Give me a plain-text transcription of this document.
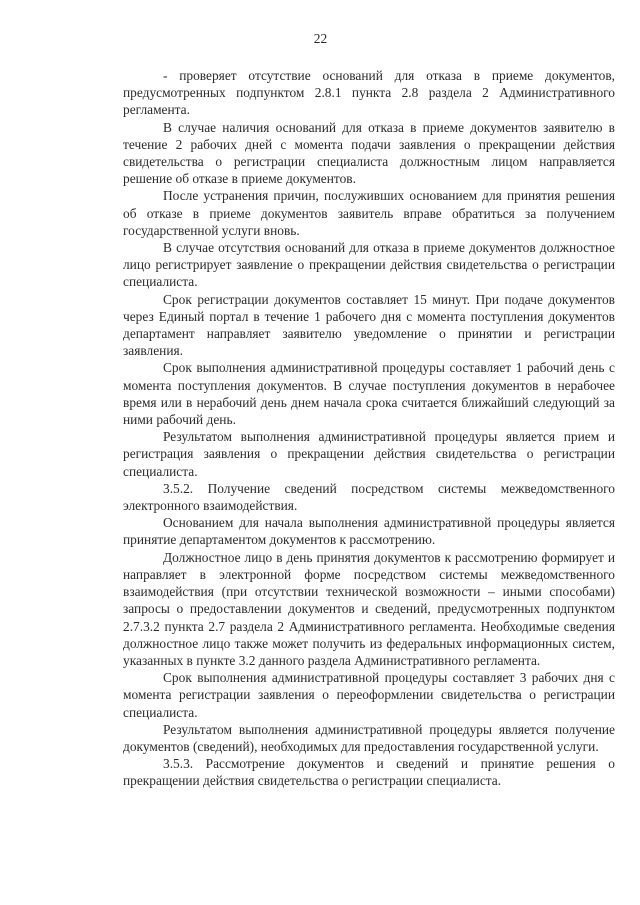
22

- проверяет отсутствие оснований для отказа в приеме документов, предусмотренных подпунктом 2.8.1 пункта 2.8 раздела 2 Административного регламента.

В случае наличия оснований для отказа в приеме документов заявителю в течение 2 рабочих дней с момента подачи заявления о прекращении действия свидетельства о регистрации специалиста должностным лицом направляется решение об отказе в приеме документов.

После устранения причин, послуживших основанием для принятия решения об отказе в приеме документов заявитель вправе обратиться за получением государственной услуги вновь.

В случае отсутствия оснований для отказа в приеме документов должностное лицо регистрирует заявление о прекращении действия свидетельства о регистрации специалиста.

Срок регистрации документов составляет 15 минут. При подаче документов через Единый портал в течение 1 рабочего дня с момента поступления документов департамент направляет заявителю уведомление о принятии и регистрации заявления.

Срок выполнения административной процедуры составляет 1 рабочий день с момента поступления документов. В случае поступления документов в нерабочее время или в нерабочий день днем начала срока считается ближайший следующий за ними рабочий день.

Результатом выполнения административной процедуры является прием и регистрация заявления о прекращении действия свидетельства о регистрации специалиста.

3.5.2. Получение сведений посредством системы межведомственного электронного взаимодействия.

Основанием для начала выполнения административной процедуры является принятие департаментом документов к рассмотрению.

Должностное лицо в день принятия документов к рассмотрению формирует и направляет в электронной форме посредством системы межведомственного взаимодействия (при отсутствии технической возможности – иными способами) запросы о предоставлении документов и сведений, предусмотренных подпунктом 2.7.3.2 пункта 2.7 раздела 2 Административного регламента. Необходимые сведения должностное лицо также может получить из федеральных информационных систем, указанных в пункте 3.2 данного раздела Административного регламента.

Срок выполнения административной процедуры составляет 3 рабочих дня с момента регистрации заявления о переоформлении свидетельства о регистрации специалиста.

Результатом выполнения административной процедуры является получение документов (сведений), необходимых для предоставления государственной услуги.

3.5.3. Рассмотрение документов и сведений и принятие решения о прекращении действия свидетельства о регистрации специалиста.
